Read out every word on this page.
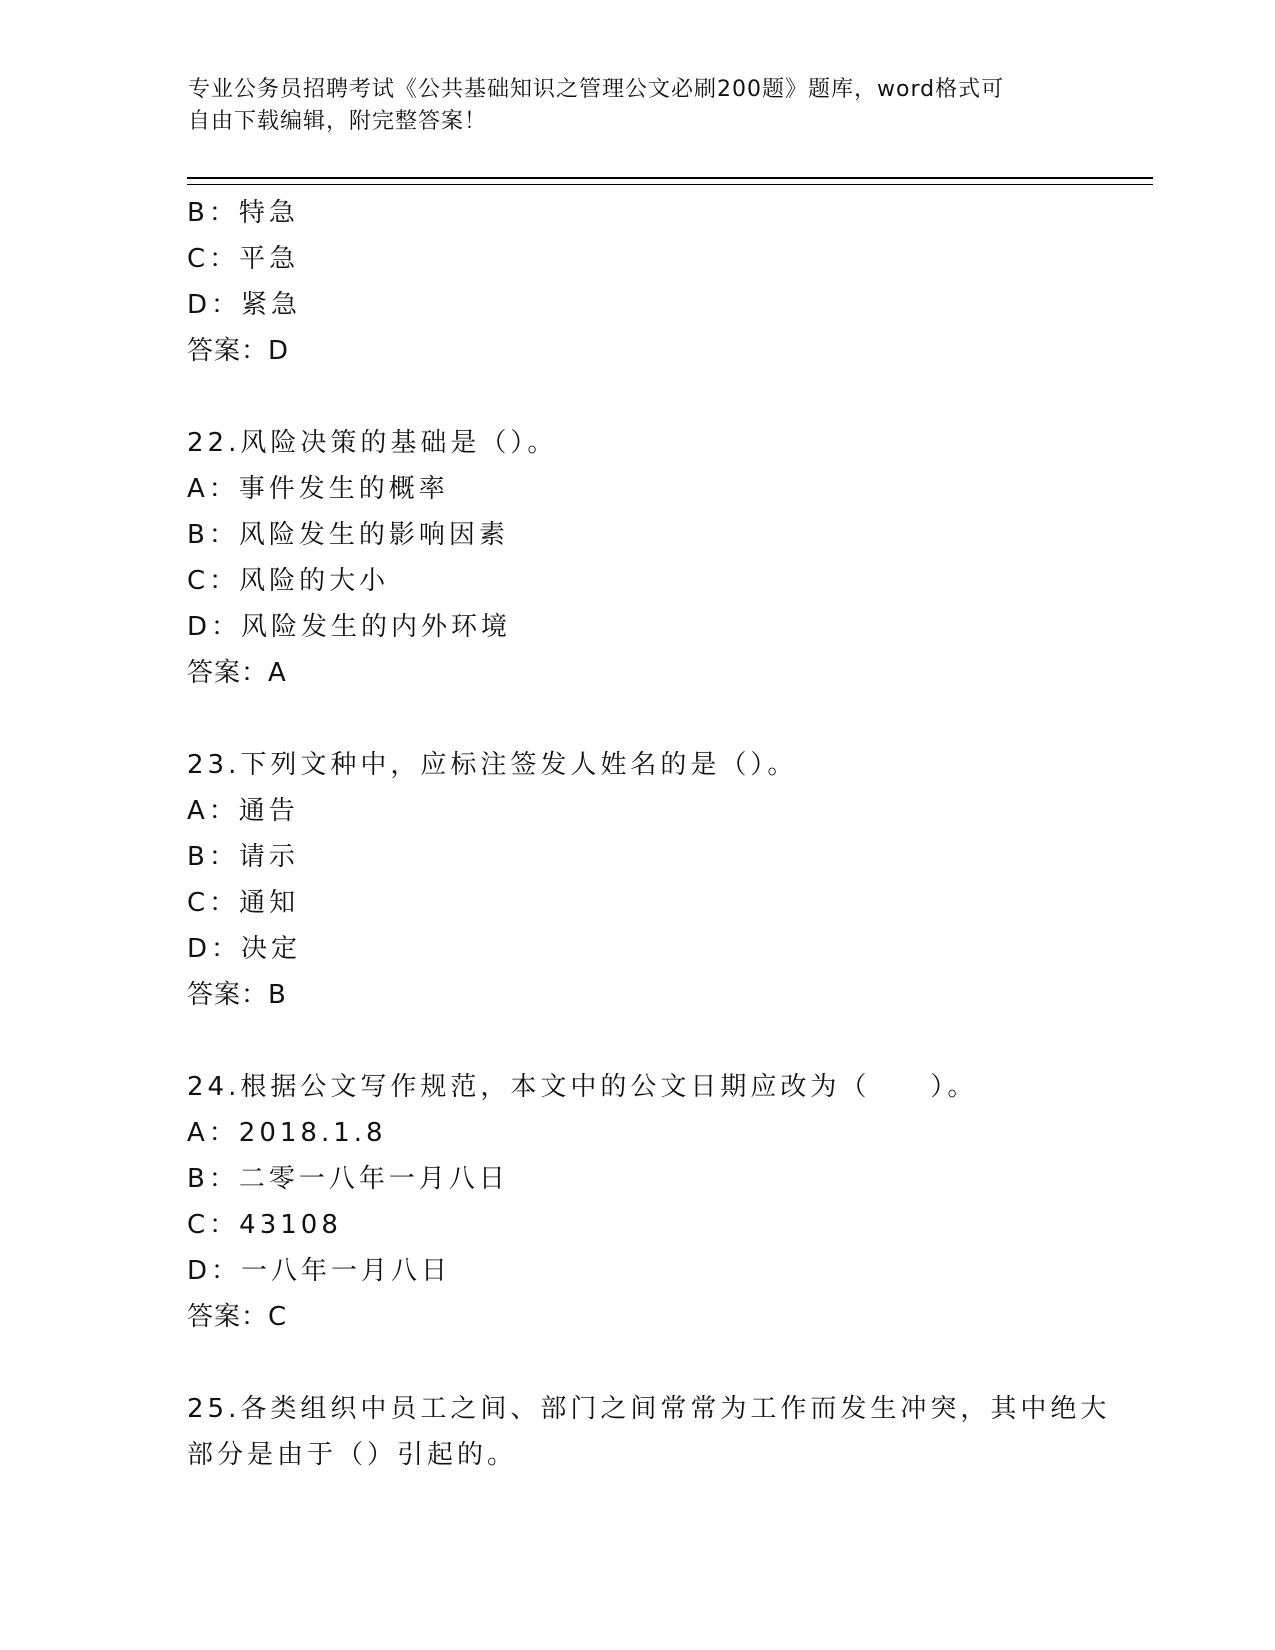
专业公务员招聘考试《公共基础知识之管理公文必刷200题》题库，word格式可
自由下载编辑，附完整答案！
B：特急
C：平急
D：紧急
答案：D
22.风险决策的基础是（）。
A：事件发生的概率
B：风险发生的影响因素
C：风险的大小
D：风险发生的内外环境
答案：A
23.下列文种中，应标注签发人姓名的是（）。
A：通告
B：请示
C：通知
D：决定
答案：B
24.根据公文写作规范，本文中的公文日期应改为（　　）。
A：2018.1.8
B：二零一八年一月八日
C：43108
D：一八年一月八日
答案：C
25.各类组织中员工之间、部门之间常常为工作而发生冲突，其中绝大
部分是由于（）引起的。
